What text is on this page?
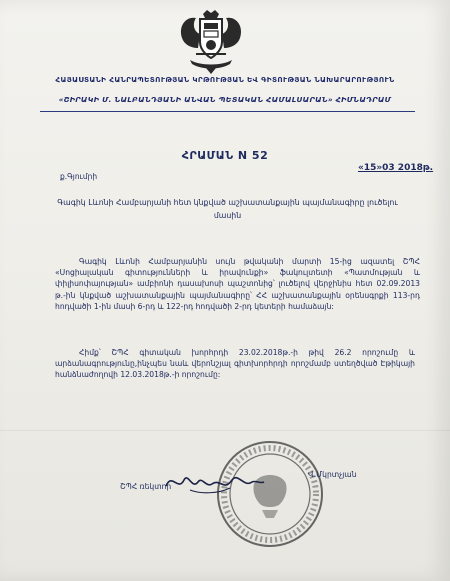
ՀԱՅԱՍՏԱՆԻ ՀԱՆՐԱՊԵՏՈՒԹՅԱՆ ԿՐԹՈՒԹՅԱՆ ԵՎ ԳԻՏՈՒԹՅԱՆ ՆԱԽԱՐԱՐՈՒԹՅՈՒՆ
«ՇԻՐԱԿԻ Մ. ՆԱԼԲԱՆԴՅԱՆԻ ԱՆՎԱՆ ՊԵՏԱԿԱՆ ՀԱՄԱԼՍԱՐԱՆ» ՀԻՄՆԱԴՐԱՄ
ՀՐԱՄԱՆ N 52
«15»03 2018թ.
ք.Գյումրի
Գագիկ Լևոնի Համբարյանի հետ կնքված աշխատանքային պայմանագիրը լուծելու մասին
Գագիկ Լևոնի Համբարյանին սույն թվականի մարտի 15-ից ազատել ՇՊՀ «Սոցիալական գիտությունների և իրավունքի» ֆակուլտետի «Պատմության և փիլիսոփայության» ամբիոնի դասախոսի պաշտոնից՝ լուծելով վերջինիս հետ 02.09.2013 թ.-ին կնքված աշխատանքային պայմանագիրը՝ ՀՀ աշխատանքային օրենսգրքի 113-րդ հոդվածի 1-ին մասի 6-րդ և 122-րդ հոդվածի 2-րդ կետերի համաձայն:
Հիմք՝ ՇՊՀ գիտական խորհրդի 23.02.2018թ.-ի թիվ 26.2 որոշումը և արձանագրությունը,ինչպես նաև վերոնշյալ գիտխորհրդի որոշմամբ ստեղծված Էթիկայի հանձնաժողովի 12.03.2018թ.-ի որոշումը:
ՇՊՀ ռեկտոր
Վ.Մկրտչյան
